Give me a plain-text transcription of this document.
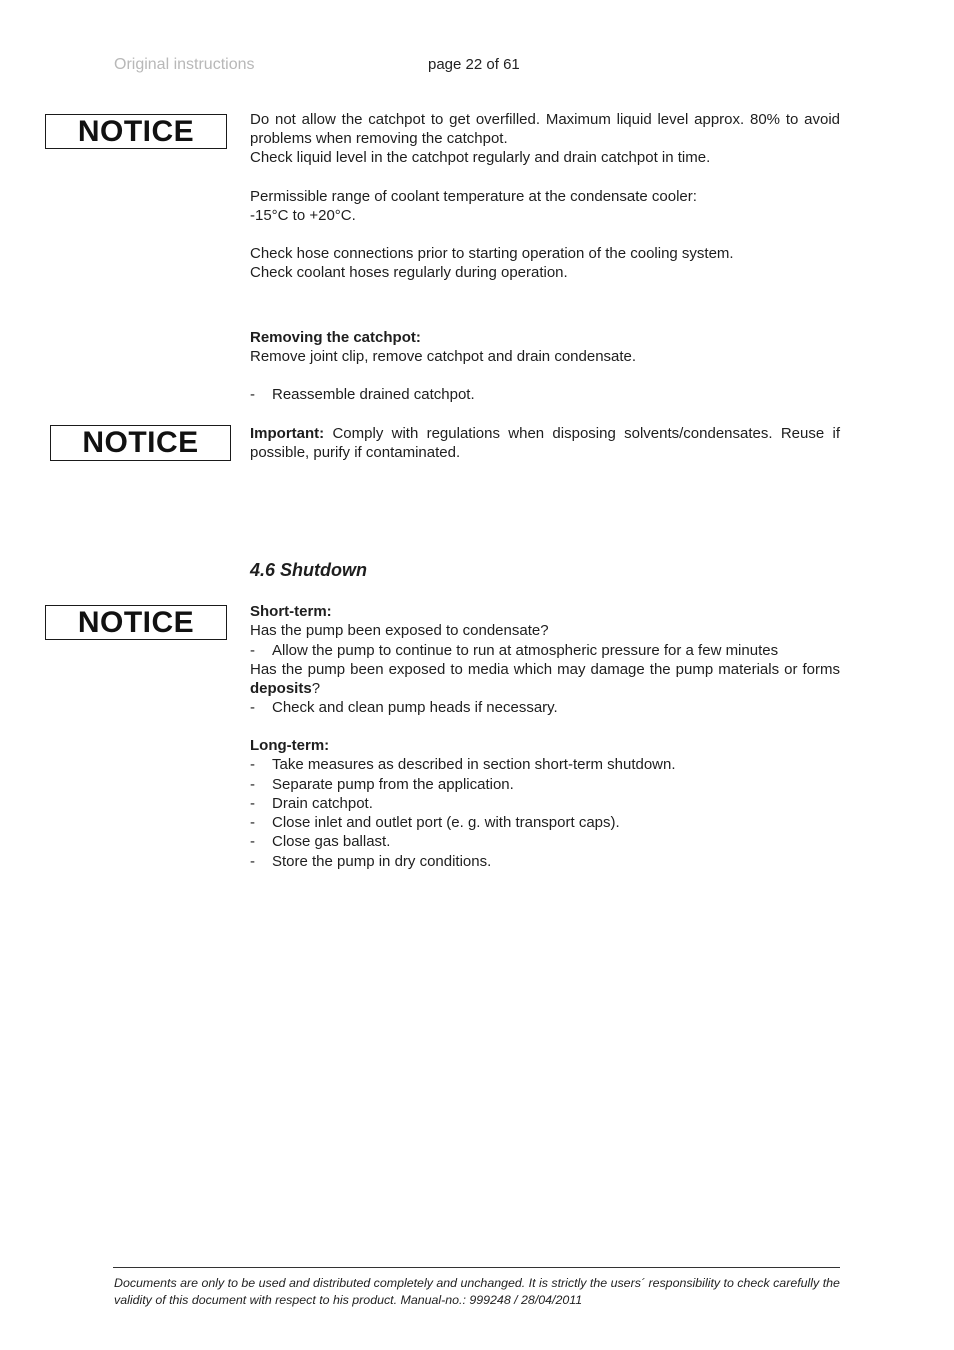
Original instructions	page 22 of 61
NOTICE
NOTICE
NOTICE
Do not allow the catchpot to get overfilled. Maximum liquid level approx. 80% to avoid problems when removing the catchpot.
Check liquid level in the catchpot regularly and drain catchpot in time.
Permissible range of coolant temperature at the condensate cooler:
-15°C to +20°C.
Check hose connections prior to starting operation of the cooling system.
Check coolant hoses regularly during operation.
Removing the catchpot:
Remove joint clip, remove catchpot and drain condensate.
- Reassemble drained catchpot.
Important: Comply with regulations when disposing solvents/condensates. Reuse if possible, purify if contaminated.
4.6 Shutdown
Short-term:
Has the pump been exposed to condensate?
- Allow the pump to continue to run at atmospheric pressure for a few minutes
Has the pump been exposed to media which may damage the pump materials or forms deposits?
- Check and clean pump heads if necessary.
Long-term:
- Take measures as described in section short-term shutdown.
- Separate pump from the application.
- Drain catchpot.
- Close inlet and outlet port (e. g. with transport caps).
- Close gas ballast.
- Store the pump in dry conditions.
Documents are only to be used and distributed completely and unchanged. It is strictly the users´ responsibility to check carefully the validity of this document with respect to his product. Manual-no.: 999248 / 28/04/2011
